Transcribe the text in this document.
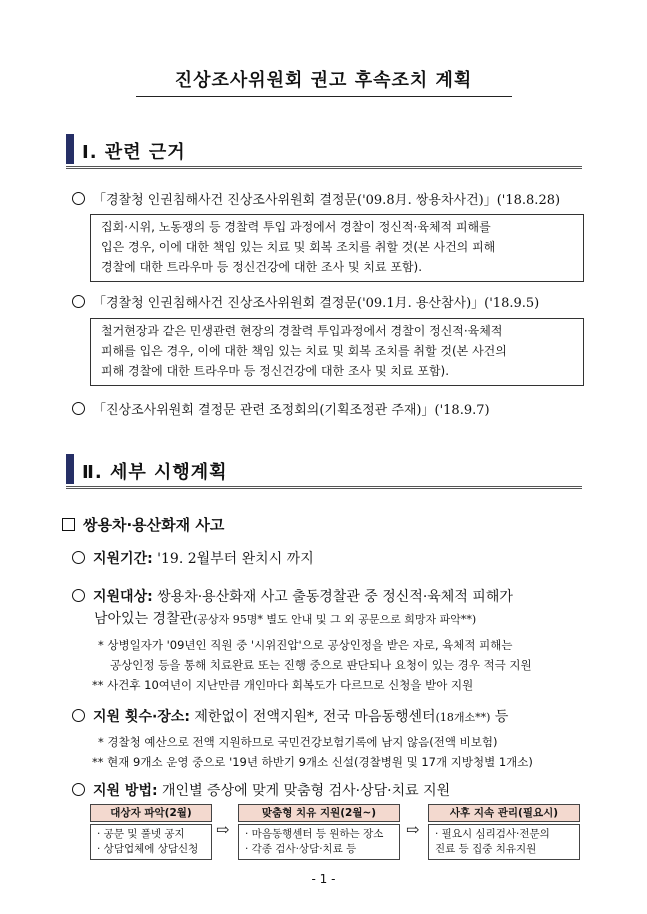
진상조사위원회 권고 후속조치 계획
Ⅰ. 관련 근거
「경찰청 인권침해사건 진상조사위원회 결정문('09.8月. 쌍용차사건)」('18.8.28)
집회·시위, 노동쟁의 등 경찰력 투입 과정에서 경찰이 정신적·육체적 피해를
입은 경우, 이에 대한 책임 있는 치료 및 회복 조치를 취할 것(본 사건의 피해
경찰에 대한 트라우마 등 정신건강에 대한 조사 및 치료 포함).
「경찰청 인권침해사건 진상조사위원회 결정문('09.1月. 용산참사)」('18.9.5)
철거현장과 같은 민생관련 현장의 경찰력 투입과정에서 경찰이 정신적·육체적
피해를 입은 경우, 이에 대한 책임 있는 치료 및 회복 조치를 취할 것(본 사건의
피해 경찰에 대한 트라우마 등 정신건강에 대한 조사 및 치료 포함).
「진상조사위원회 결정문 관련 조정회의(기획조정관 주재)」('18.9.7)
Ⅱ. 세부 시행계획
쌍용차·용산화재 사고
지원기간: '19. 2월부터 완치시 까지
지원대상: 쌍용차·용산화재 사고 출동경찰관 중 정신적·육체적 피해가
남아있는 경찰관(공상자 95명* 별도 안내 및 그 외 공문으로 희망자 파악**)
* 상병일자가 '09년인 직원 중 '시위진압'으로 공상인정을 받은 자로, 육체적 피해는
공상인정 등을 통해 치료완료 또는 진행 중으로 판단되나 요청이 있는 경우 적극 지원
** 사건후 10여년이 지난만큼 개인마다 회복도가 다르므로 신청을 받아 지원
지원 횟수·장소: 제한없이 전액지원*, 전국 마음동행센터(18개소**) 등
* 경찰청 예산으로 전액 지원하므로 국민건강보험기록에 남지 않음(전액 비보험)
** 현재 9개소 운영 중으로 '19년 하반기 9개소 신설(경찰병원 및 17개 지방청별 1개소)
지원 방법: 개인별 증상에 맞게 맞춤형 검사·상담·치료 지원
대상자 파악(2월)
· 공문 및 풀넷 공지
· 상담업체에 상담신청
⇨
맞춤형 치유 지원(2월~)
· 마음동행센터 등 원하는 장소
· 각종 검사·상담·치료 등
⇨
사후 지속 관리(필요시)
· 필요시 심리검사·전문의
진료 등 집중 치유지원
- 1 -
